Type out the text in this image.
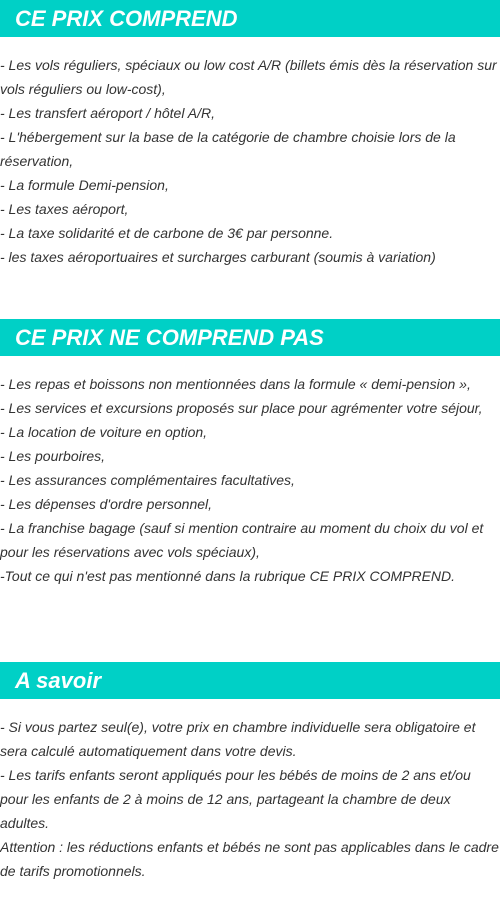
CE PRIX COMPREND
- Les vols réguliers, spéciaux ou low cost A/R (billets émis dès la réservation sur vols réguliers ou low-cost),
- Les transfert aéroport / hôtel A/R,
- L'hébergement sur la base de la catégorie de chambre choisie lors de la réservation,
- La formule Demi-pension,
- Les taxes aéroport,
- La taxe solidarité et de carbone de 3€ par personne.
- les taxes aéroportuaires et surcharges carburant (soumis à variation)
CE PRIX NE COMPREND PAS
- Les repas et boissons non mentionnées dans la formule « demi-pension »,
- Les services et excursions proposés sur place pour agrémenter votre séjour,
- La location de voiture en option,
- Les pourboires,
- Les assurances complémentaires facultatives,
- Les dépenses d'ordre personnel,
- La franchise bagage (sauf si mention contraire au moment du choix du vol et pour les réservations avec vols spéciaux),
-Tout ce qui n'est pas mentionné dans la rubrique CE PRIX COMPREND.
A savoir
- Si vous partez seul(e), votre prix en chambre individuelle sera obligatoire et sera calculé automatiquement dans votre devis.
- Les tarifs enfants seront appliqués pour les bébés de moins de 2 ans et/ou pour les enfants de 2 à moins de 12 ans, partageant la chambre de deux adultes.
Attention : les réductions enfants et bébés ne sont pas applicables dans le cadre de tarifs promotionnels.
